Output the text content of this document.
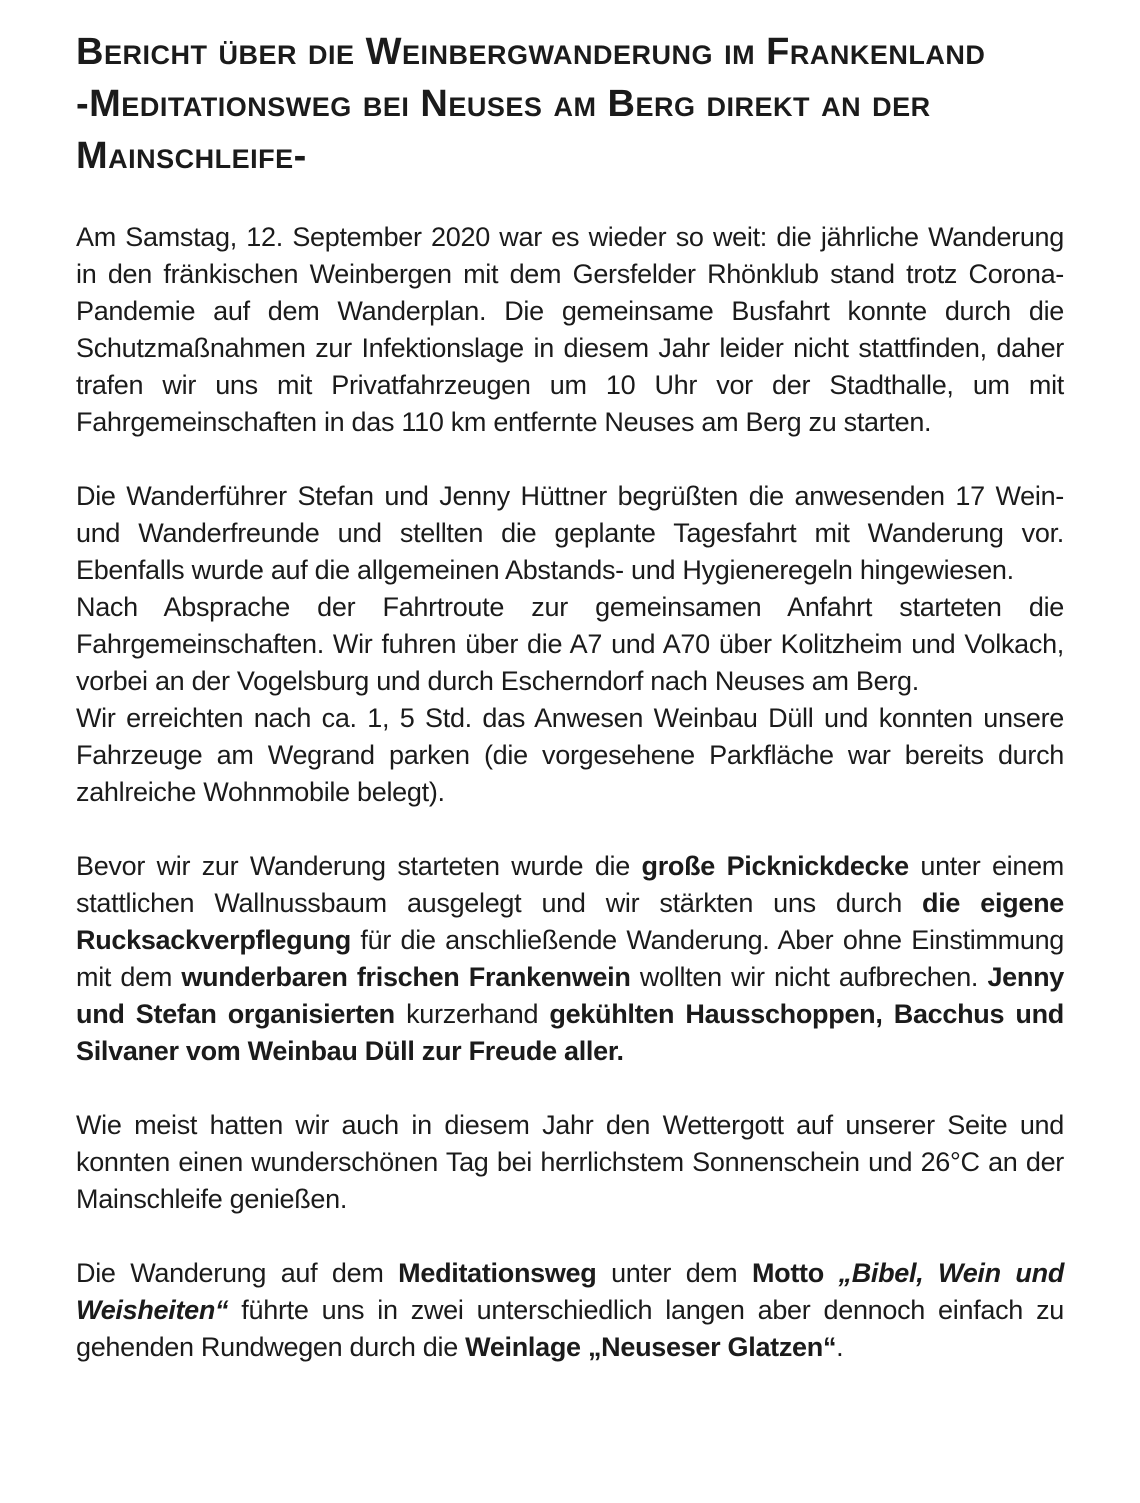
Bericht über die Weinbergwanderung im Frankenland
-Meditationsweg bei Neuses am Berg direkt an der
Mainschleife-

Am Samstag, 12. September 2020 war es wieder so weit: die jährliche Wanderung in den fränkischen Weinbergen mit dem Gersfelder Rhönklub stand trotz Corona-Pandemie auf dem Wanderplan. Die gemeinsame Busfahrt konnte durch die Schutzmaßnahmen zur Infektionslage in diesem Jahr leider nicht stattfinden, daher trafen wir uns mit Privatfahrzeugen um 10 Uhr vor der Stadthalle, um mit Fahrgemeinschaften in das 110 km entfernte Neuses am Berg zu starten.

Die Wanderführer Stefan und Jenny Hüttner begrüßten die anwesenden 17 Wein- und Wanderfreunde und stellten die geplante Tagesfahrt mit Wanderung vor. Ebenfalls wurde auf die allgemeinen Abstands- und Hygieneregeln hingewiesen.

Nach Absprache der Fahrtroute zur gemeinsamen Anfahrt starteten die Fahrgemeinschaften. Wir fuhren über die A7 und A70 über Kolitzheim und Volkach, vorbei an der Vogelsburg und durch Escherndorf nach Neuses am Berg.

Wir erreichten nach ca. 1, 5 Std. das Anwesen Weinbau Düll und konnten unsere Fahrzeuge am Wegrand parken (die vorgesehene Parkfläche war bereits durch zahlreiche Wohnmobile belegt).

Bevor wir zur Wanderung starteten wurde die große Picknickdecke unter einem stattlichen Wallnussbaum ausgelegt und wir stärkten uns durch die eigene Rucksackverpflegung für die anschließende Wanderung. Aber ohne Einstimmung mit dem wunderbaren frischen Frankenwein wollten wir nicht aufbrechen. Jenny und Stefan organisierten kurzerhand gekühlten Hausschoppen, Bacchus und Silvaner vom Weinbau Düll zur Freude aller.

Wie meist hatten wir auch in diesem Jahr den Wettergott auf unserer Seite und konnten einen wunderschönen Tag bei herrlichstem Sonnenschein und 26°C an der Mainschleife genießen.

Die Wanderung auf dem Meditationsweg unter dem Motto „Bibel, Wein und Weisheiten“ führte uns in zwei unterschiedlich langen aber dennoch einfach zu gehenden Rundwegen durch die Weinlage „Neuseser Glatzen“.
